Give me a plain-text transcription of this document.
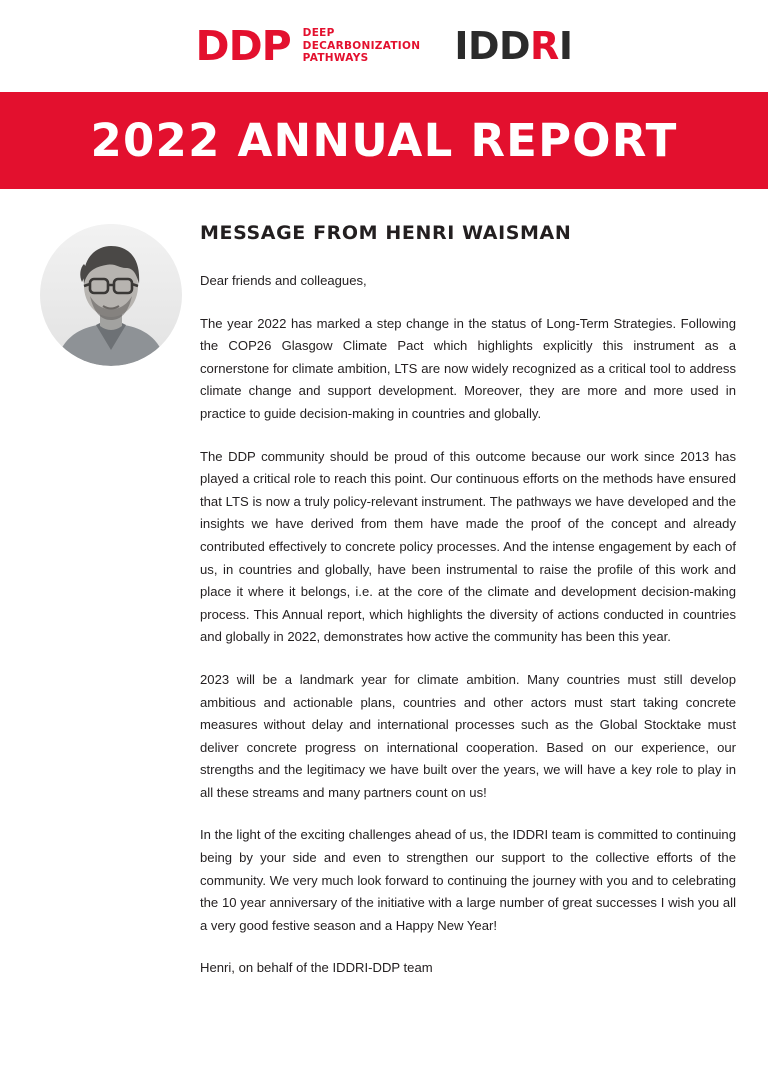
DDP DEEP
DECARBONIZATION
PATHWAYS	IDDRI
2022 ANNUAL REPORT
MESSAGE FROM HENRI WAISMAN

Dear friends and colleagues,

The year 2022 has marked a step change in the status of Long-Term Strategies. Following the COP26 Glasgow Climate Pact which highlights explicitly this instrument as a cornerstone for climate ambition, LTS are now widely recognized as a critical tool to address climate change and support development. Moreover, they are more and more used in practice to guide decision-making in countries and globally.

The DDP community should be proud of this outcome because our work since 2013 has played a critical role to reach this point. Our continuous efforts on the methods have ensured that LTS is now a truly policy-relevant instrument. The pathways we have developed and the insights we have derived from them have made the proof of the concept and already contributed effectively to concrete policy processes. And the intense engagement by each of us, in countries and globally, have been instrumental to raise the profile of this work and place it where it belongs, i.e. at the core of the climate and development decision-making process. This Annual report, which highlights the diversity of actions conducted in countries and globally in 2022, demonstrates how active the community has been this year.

2023 will be a landmark year for climate ambition. Many countries must still develop ambitious and actionable plans, countries and other actors must start taking concrete measures without delay and international processes such as the Global Stocktake must deliver concrete progress on international cooperation. Based on our experience, our strengths and the legitimacy we have built over the years, we will have a key role to play in all these streams and many partners count on us!

In the light of the exciting challenges ahead of us, the IDDRI team is committed to continuing being by your side and even to strengthen our support to the collective efforts of the community. We very much look forward to continuing the journey with you and to celebrating the 10 year anniversary of the initiative with a large number of great successes I wish you all a very good festive season and a Happy New Year!

Henri, on behalf of the IDDRI-DDP team
